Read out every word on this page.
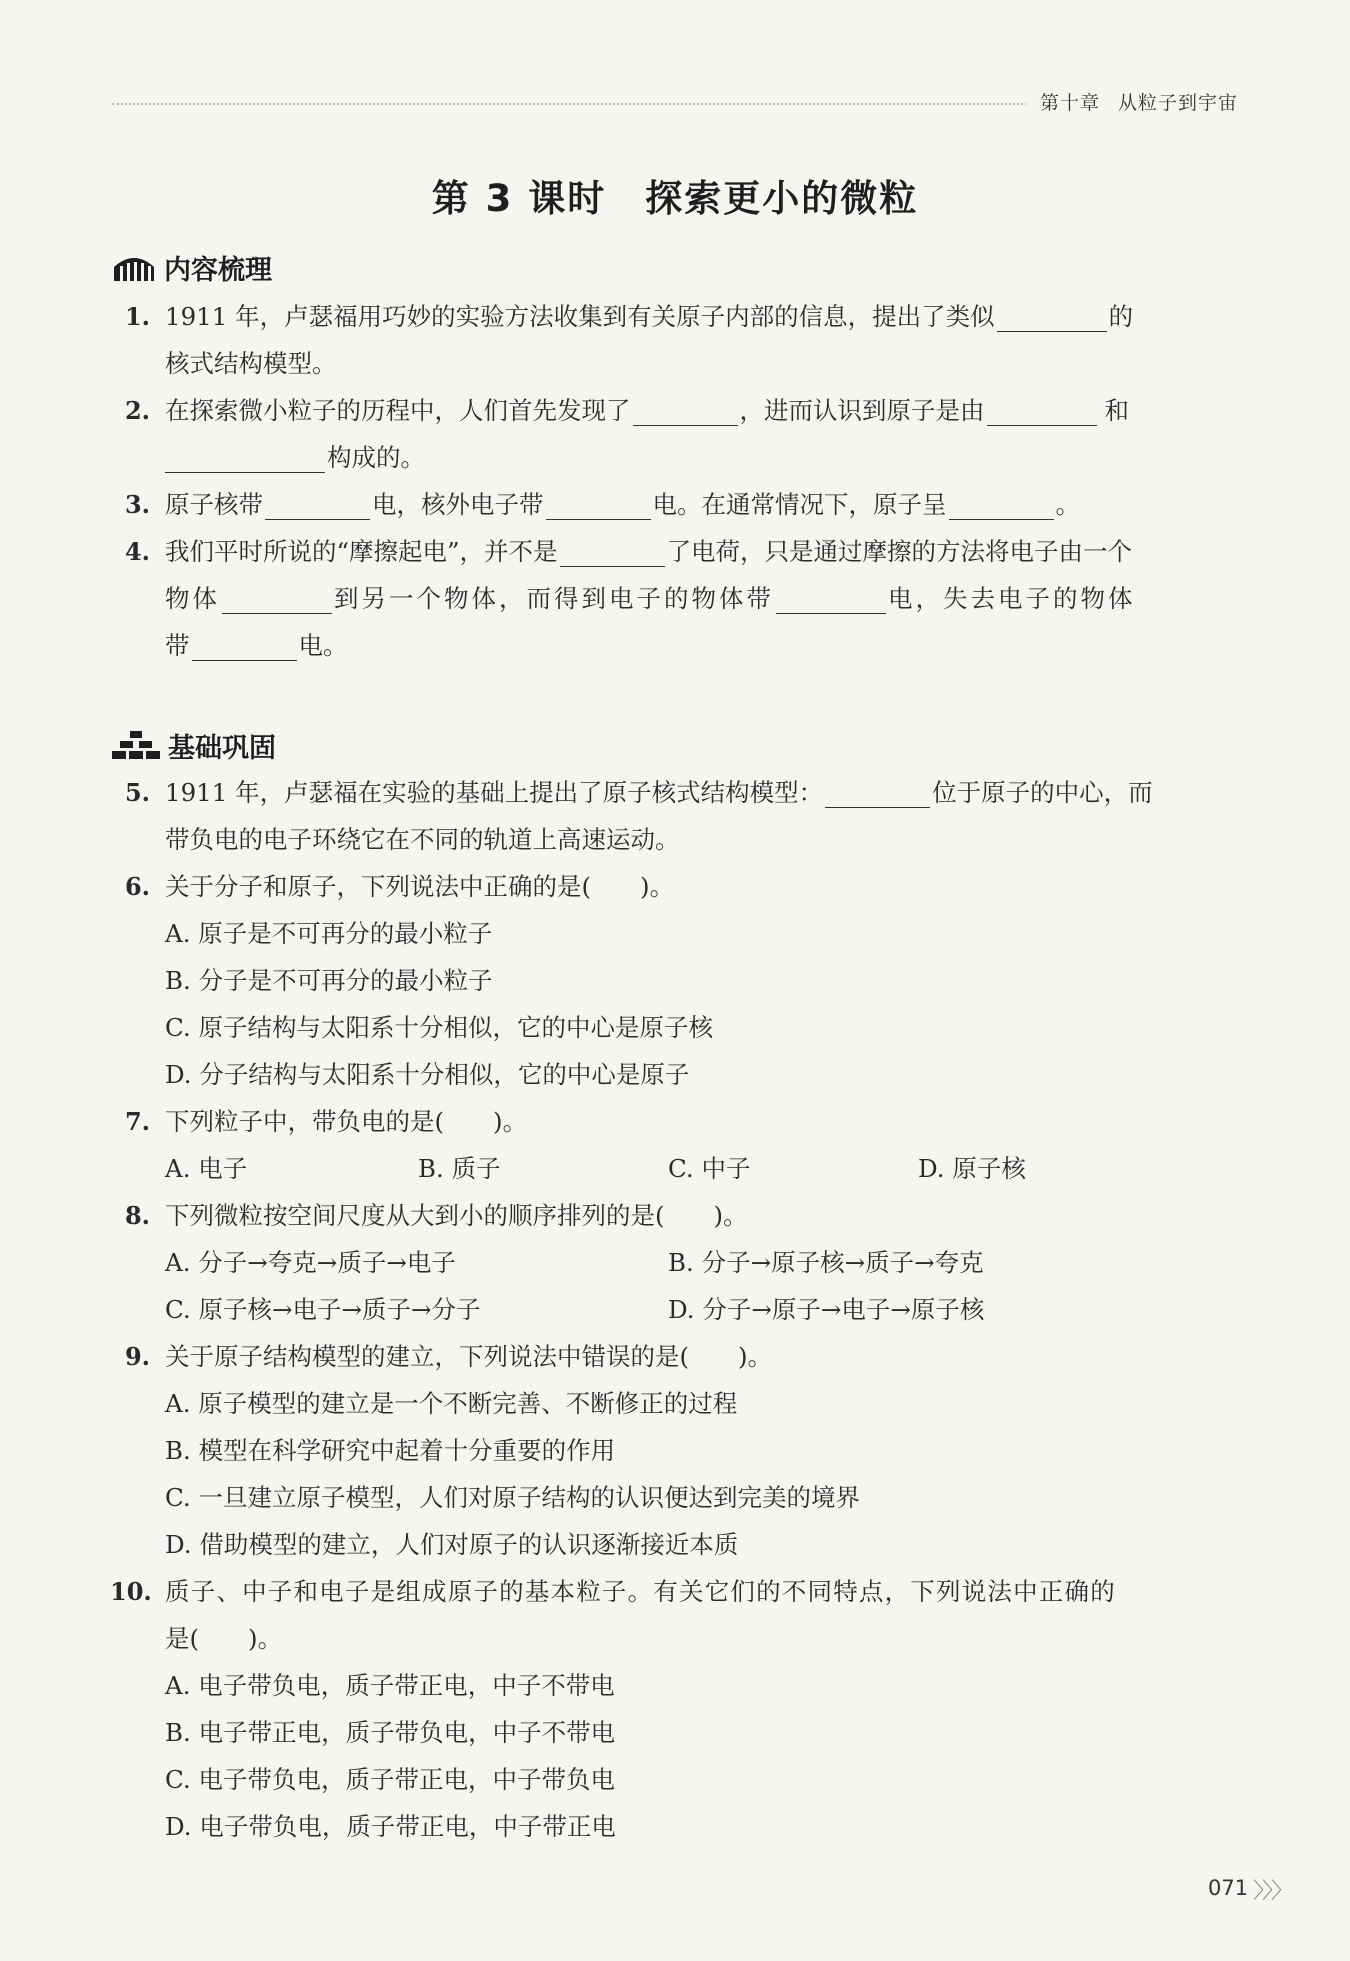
第十章 从粒子到宇宙
第 3 课时　探索更小的微粒
内容梳理
1. 1911 年，卢瑟福用巧妙的实验方法收集到有关原子内部的信息，提出了类似	的
核式结构模型。
2. 在探索微小粒子的历程中，人们首先发现了	，进而认识到原子是由	和
构成的。
3. 原子核带	电，核外电子带	电。在通常情况下，原子呈	。
4. 我们平时所说的“摩擦起电”，并不是	了电荷，只是通过摩擦的方法将电子由一个
物体	到另一个物体，而得到电子的物体带	电，失去电子的物体
带	电。
基础巩固
5. 1911 年，卢瑟福在实验的基础上提出了原子核式结构模型：	位于原子的中心，而
带负电的电子环绕它在不同的轨道上高速运动。
6. 关于分子和原子，下列说法中正确的是(　　)。
A. 原子是不可再分的最小粒子
B. 分子是不可再分的最小粒子
C. 原子结构与太阳系十分相似，它的中心是原子核
D. 分子结构与太阳系十分相似，它的中心是原子
7. 下列粒子中，带负电的是(　　)。
A. 电子	B. 质子	C. 中子	D. 原子核
8. 下列微粒按空间尺度从大到小的顺序排列的是(　　)。
A. 分子→夸克→质子→电子	B. 分子→原子核→质子→夸克
C. 原子核→电子→质子→分子	D. 分子→原子→电子→原子核
9. 关于原子结构模型的建立，下列说法中错误的是(　　)。
A. 原子模型的建立是一个不断完善、不断修正的过程
B. 模型在科学研究中起着十分重要的作用
C. 一旦建立原子模型，人们对原子结构的认识便达到完美的境界
D. 借助模型的建立，人们对原子的认识逐渐接近本质
10. 质子、中子和电子是组成原子的基本粒子。有关它们的不同特点，下列说法中正确的
是(　　)。
A. 电子带负电，质子带正电，中子不带电
B. 电子带正电，质子带负电，中子不带电
C. 电子带负电，质子带正电，中子带负电
D. 电子带负电，质子带正电，中子带正电
071 〉〉〉
